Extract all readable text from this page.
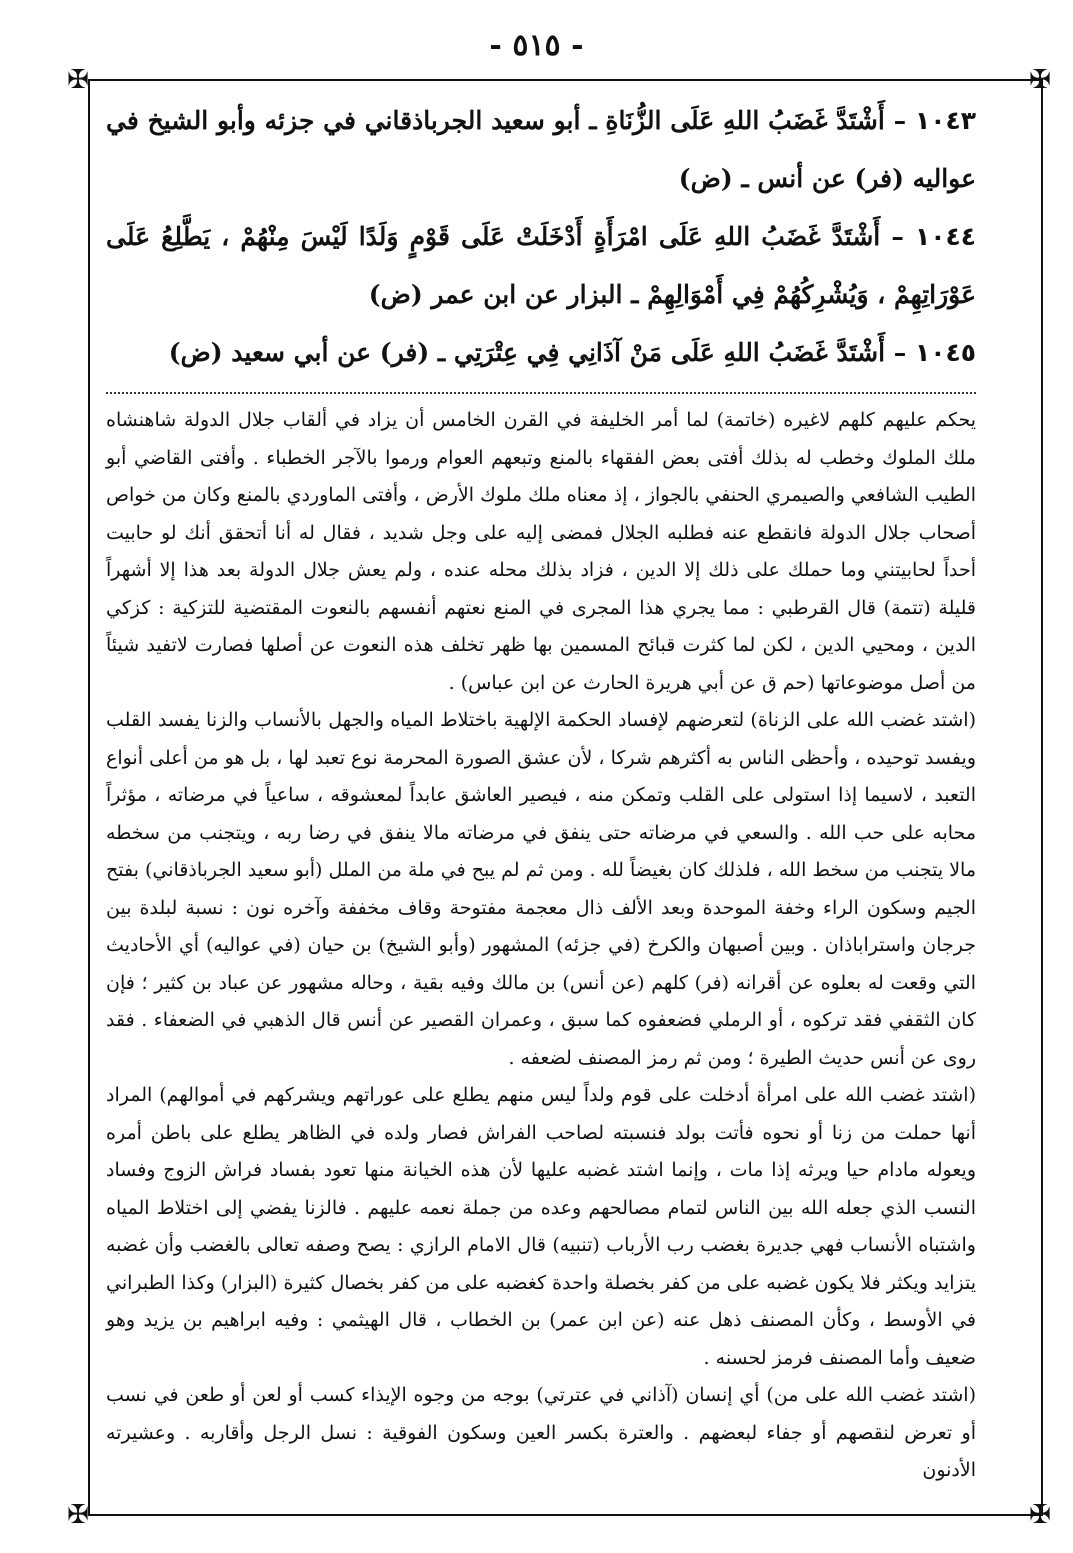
- ٥١٥ -
✠	✠
✠	✠

١٠٤٣ – أَشْتَدَّ غَضَبُ اللهِ عَلَى الزُّنَاةِ ـ أبو سعيد الجرباذقاني في جزئه وأبو الشيخ في عواليه (فر) عن أنس ـ (ض)

١٠٤٤ – أَشْتَدَّ غَضَبُ اللهِ عَلَى امْرَأَةٍ أَدْخَلَتْ عَلَى قَوْمٍ وَلَدًا لَيْسَ مِنْهُمْ ، يَطَّلِعُ عَلَى عَوْرَاتِهِمْ ، وَيُشْرِكُهُمْ فِي أَمْوَالِهِمْ ـ البزار عن ابن عمر (ض)

١٠٤٥ – أَشْتَدَّ غَضَبُ اللهِ عَلَى مَنْ آذَانِي فِي عِتْرَتِي ـ (فر) عن أبي سعيد (ض)

يحكم عليهم كلهم لاغيره (خاتمة) لما أمر الخليفة في القرن الخامس أن يزاد في ألقاب جلال الدولة شاهنشاه ملك الملوك وخطب له بذلك أفتى بعض الفقهاء بالمنع وتبعهم العوام ورموا بالآجر الخطباء . وأفتى القاضي أبو الطيب الشافعي والصيمري الحنفي بالجواز ، إذ معناه ملك ملوك الأرض ، وأفتى الماوردي بالمنع وكان من خواص أصحاب جلال الدولة فانقطع عنه فطلبه الجلال فمضى إليه على وجل شديد ، فقال له أنا أتحقق أنك لو حابيت أحداً لحابيتني وما حملك على ذلك إلا الدين ، فزاد بذلك محله عنده ، ولم يعش جلال الدولة بعد هذا إلا أشهراً قليلة (تتمة) قال القرطبي : مما يجري هذا المجرى في المنع نعتهم أنفسهم بالنعوت المقتضية للتزكية : كزكي الدين ، ومحيي الدين ، لكن لما كثرت قبائح المسمين بها ظهر تخلف هذه النعوت عن أصلها فصارت لاتفيد شيئاً من أصل موضوعاتها (حم ق عن أبي هريرة الحارث عن ابن عباس) .

(اشتد غضب الله على الزناة) لتعرضهم لإفساد الحكمة الإلهية باختلاط المياه والجهل بالأنساب والزنا يفسد القلب ويفسد توحيده ، وأحظى الناس به أكثرهم شركا ، لأن عشق الصورة المحرمة نوع تعبد لها ، بل هو من أعلى أنواع التعبد ، لاسيما إذا استولى على القلب وتمكن منه ، فيصير العاشق عابداً لمعشوقه ، ساعياً في مرضاته ، مؤثراً محابه على حب الله . والسعي في مرضاته حتى ينفق في مرضاته مالا ينفق في رضا ربه ، ويتجنب من سخطه مالا يتجنب من سخط الله ، فلذلك كان بغيضاً لله . ومن ثم لم يبح في ملة من الملل (أبو سعيد الجرباذقاني) بفتح الجيم وسكون الراء وخفة الموحدة وبعد الألف ذال معجمة مفتوحة وقاف مخففة وآخره نون : نسبة لبلدة بين جرجان واستراباذان . وبين أصبهان والكرخ (في جزئه) المشهور (وأبو الشيخ) بن حيان (في عواليه) أي الأحاديث التي وقعت له بعلوه عن أقرانه (فر) كلهم (عن أنس) بن مالك وفيه بقية ، وحاله مشهور عن عباد بن كثير ؛ فإن كان الثقفي فقد تركوه ، أو الرملي فضعفوه كما سبق ، وعمران القصير عن أنس قال الذهبي في الضعفاء . فقد روى عن أنس حديث الطيرة ؛ ومن ثم رمز المصنف لضعفه .

(اشتد غضب الله على امرأة أدخلت على قوم ولداً ليس منهم يطلع على عوراتهم ويشركهم في أموالهم) المراد أنها حملت من زنا أو نحوه فأتت بولد فنسبته لصاحب الفراش فصار ولده في الظاهر يطلع على باطن أمره ويعوله مادام حيا ويرثه إذا مات ، وإنما اشتد غضبه عليها لأن هذه الخيانة منها تعود بفساد فراش الزوج وفساد النسب الذي جعله الله بين الناس لتمام مصالحهم وعده من جملة نعمه عليهم . فالزنا يفضي إلى اختلاط المياه واشتباه الأنساب فهي جديرة بغضب رب الأرباب (تنبيه) قال الامام الرازي : يصح وصفه تعالى بالغضب وأن غضبه يتزايد ويكثر فلا يكون غضبه على من كفر بخصلة واحدة كغضبه على من كفر بخصال كثيرة (البزار) وكذا الطبراني في الأوسط ، وكأن المصنف ذهل عنه (عن ابن عمر) بن الخطاب ، قال الهيثمي : وفيه ابراهيم بن يزيد وهو ضعيف وأما المصنف فرمز لحسنه .

(اشتد غضب الله على من) أي إنسان (آذاني في عترتي) بوجه من وجوه الإيذاء كسب أو لعن أو طعن في نسب أو تعرض لنقصهم أو جفاء لبعضهم . والعترة بكسر العين وسكون الفوقية : نسل الرجل وأقاربه . وعشيرته الأدنون
